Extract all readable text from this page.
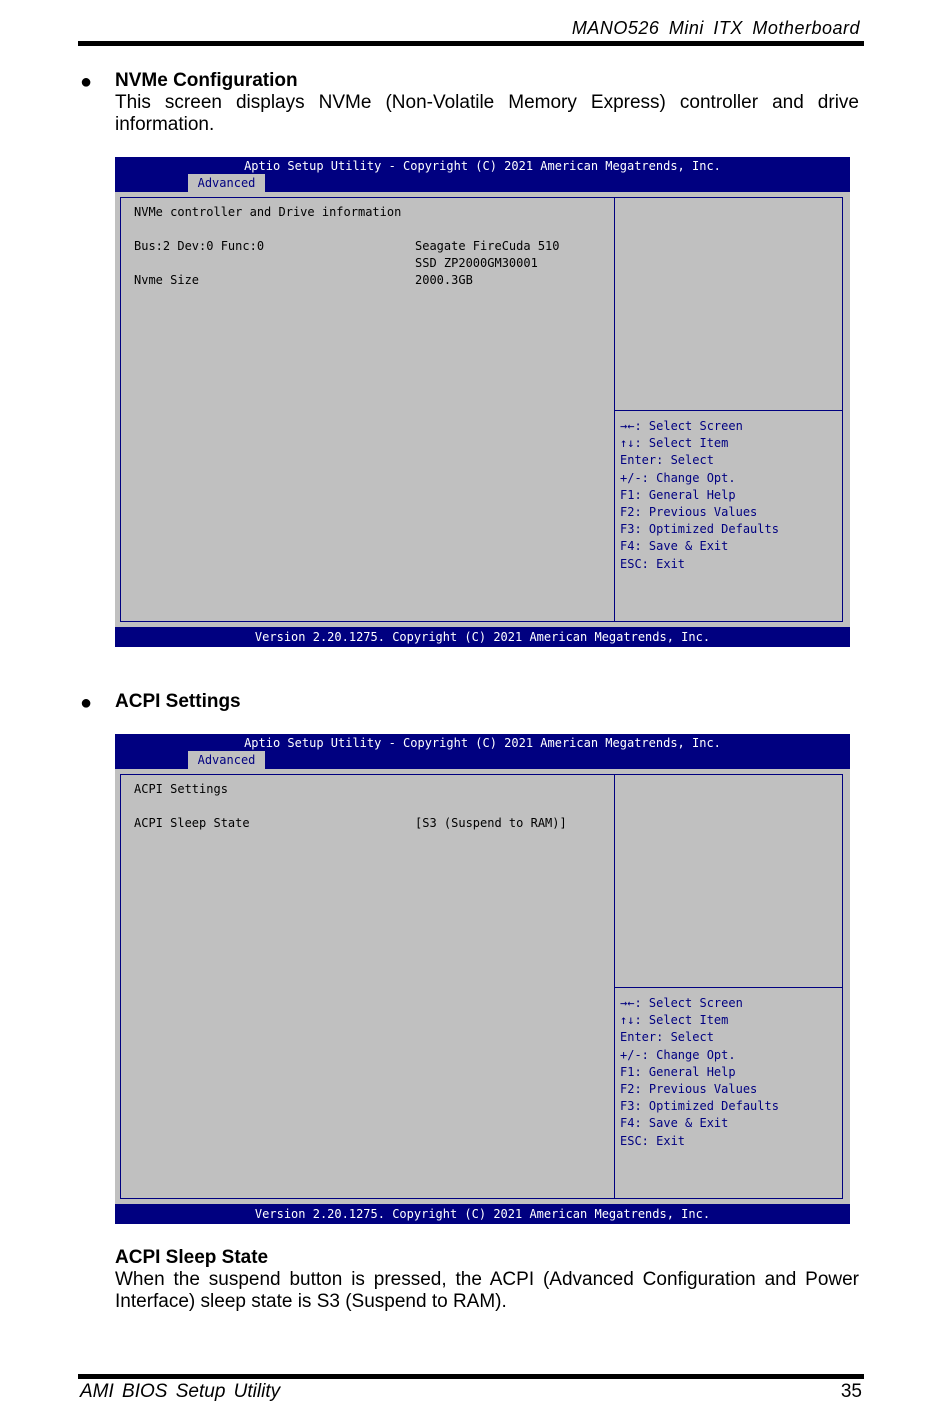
MANO526 Mini ITX Motherboard
● NVMe Configuration
This screen displays NVMe (Non-Volatile Memory Express) controller and drive information.
Aptio Setup Utility - Copyright (C) 2021 American Megatrends, Inc.
Advanced
NVMe controller and Drive information
Bus:2 Dev:0 Func:0	Seagate FireCuda 510
SSD ZP2000GM30001
Nvme Size	2000.3GB
→←: Select Screen
↑↓: Select Item
Enter: Select
+/-: Change Opt.
F1: General Help
F2: Previous Values
F3: Optimized Defaults
F4: Save & Exit
ESC: Exit
Version 2.20.1275. Copyright (C) 2021 American Megatrends, Inc.
● ACPI Settings
Aptio Setup Utility - Copyright (C) 2021 American Megatrends, Inc.
Advanced
ACPI Settings
ACPI Sleep State	[S3 (Suspend to RAM)]
→←: Select Screen
↑↓: Select Item
Enter: Select
+/-: Change Opt.
F1: General Help
F2: Previous Values
F3: Optimized Defaults
F4: Save & Exit
ESC: Exit
Version 2.20.1275. Copyright (C) 2021 American Megatrends, Inc.
ACPI Sleep State
When the suspend button is pressed, the ACPI (Advanced Configuration and Power Interface) sleep state is S3 (Suspend to RAM).
AMI BIOS Setup Utility	35
